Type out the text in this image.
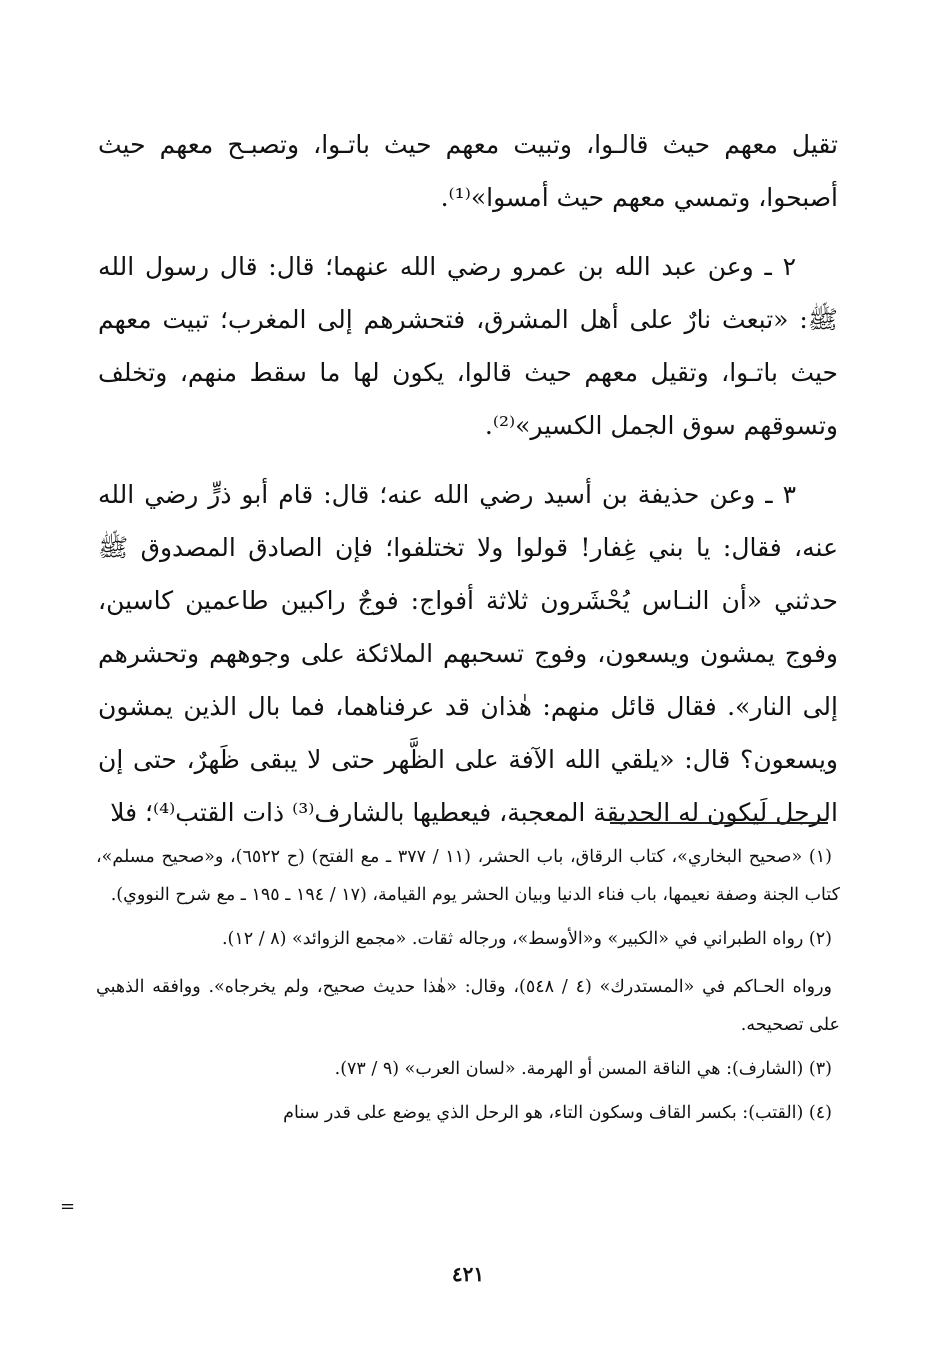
تقيل معهم حيث قالـوا، وتبيت معهم حيث باتـوا، وتصبـح معهم حيث أصبحوا، وتمسي معهم حيث أمسوا»⁽¹⁾.

٢ ـ وعن عبد الله بن عمرو رضي الله عنهما؛ قال: قال رسول الله ﷺ: «تبعث نارٌ على أهل المشرق، فتحشرهم إلى المغرب؛ تبيت معهم حيث باتـوا، وتقيل معهم حيث قالوا، يكون لها ما سقط منهم، وتخلف وتسوقهم سوق الجمل الكسير»⁽²⁾.

٣ ـ وعن حذيفة بن أسيد رضي الله عنه؛ قال: قام أبو ذرٍّ رضي الله عنه، فقال: يا بني غِفار! قولوا ولا تختلفوا؛ فإن الصادق المصدوق ﷺ حدثني «أن النـاس يُحْشَرون ثلاثة أفواج: فوجٌ راكبين طاعمين كاسين، وفوج يمشون ويسعون، وفوج تسحبهم الملائكة على وجوههم وتحشرهم إلى النار». فقال قائل منهم: هٰذان قد عرفناهما، فما بال الذين يمشون ويسعون؟ قال: «يلقي الله الآفة على الظَّهر حتى لا يبقى ظَهرٌ، حتى إن الرجل لَيكون له الحديقة المعجبة، فيعطيها بالشارف⁽³⁾ ذات القتب⁽⁴⁾؛ فلا

(١) «صحيح البخاري»، كتاب الرقاق، باب الحشر، (١١ / ٣٧٧ ـ مع الفتح) (ح ٦٥٢٢)، و«صحيح مسلم»، كتاب الجنة وصفة نعيمها، باب فناء الدنيا وبيان الحشر يوم القيامة، (١٧ / ١٩٤ ـ ١٩٥ ـ مع شرح النووي).

(٢) رواه الطبراني في «الكبير» و«الأوسط»، ورجاله ثقات. «مجمع الزوائد» (٨ / ١٢).

ورواه الحـاكم في «المستدرك» (٤ / ٥٤٨)، وقال: «هٰذا حديث صحيح، ولم يخرجاه». ووافقه الذهبي على تصحيحه.

(٣) (الشارف): هي الناقة المسن أو الهرمة. «لسان العرب» (٩ / ٧٣).

(٤) (القتب): بكسر القاف وسكون التاء، هو الرحل الذي يوضع على قدر سنام

=
٤٢١
